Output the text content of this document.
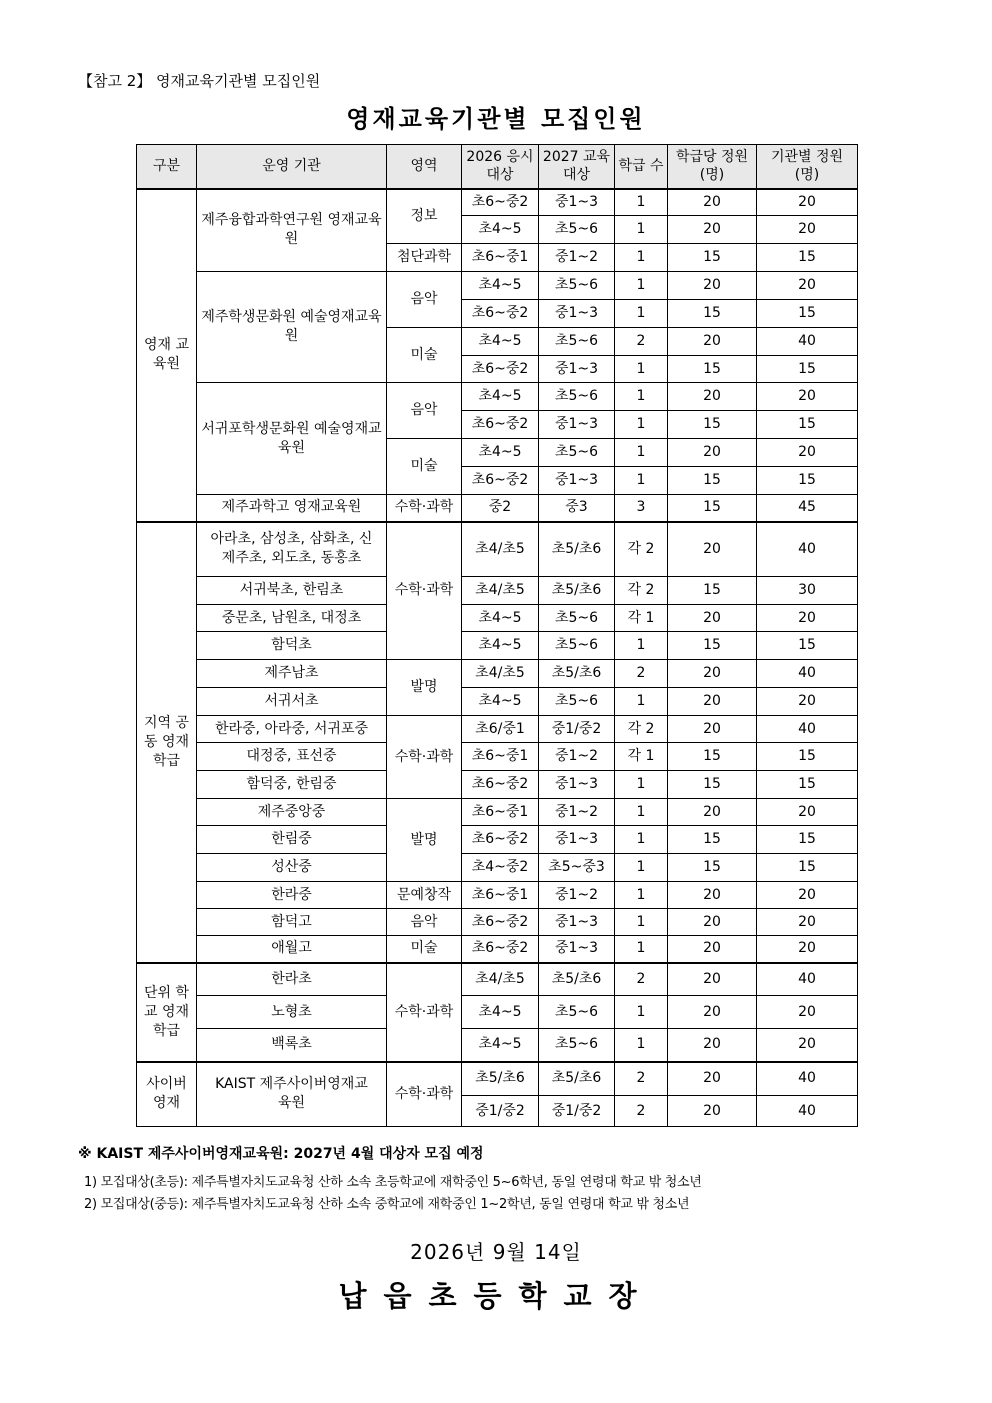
【참고 2】 영재교육기관별 모집인원
영재교육기관별 모집인원
구분	운영 기관	영역	2026 응시대상	2027 교육대상	학급 수	학급당 정원(명)	기관별 정원(명)
영재 교육원	제주융합과학연구원 영재교육원	정보	초6~중2	중1~3	1	20	20
			초4~5	초5~6	1	20	20
		첨단과학	초6~중1	중1~2	1	15	15
	제주학생문화원 예술영재교육원	음악	초4~5	초5~6	1	20	20
			초6~중2	중1~3	1	15	15
		미술	초4~5	초5~6	2	20	40
			초6~중2	중1~3	1	15	15
	서귀포학생문화원 예술영재교육원	음악	초4~5	초5~6	1	20	20
			초6~중2	중1~3	1	15	15
		미술	초4~5	초5~6	1	20	20
			초6~중2	중1~3	1	15	15
	제주과학고 영재교육원	수학·과학	중2	중3	3	15	45
지역 공동 영재 학급	아라초, 삼성초, 삼화초, 신제주초, 외도초, 동홍초	수학·과학	초4/초5	초5/초6	각 2	20	40
	서귀북초, 한림초		초4/초5	초5/초6	각 2	15	30
	중문초, 남원초, 대정초		초4~5	초5~6	각 1	20	20
	함덕초		초4~5	초5~6	1	15	15
	제주남초	발명	초4/초5	초5/초6	2	20	40
	서귀서초		초4~5	초5~6	1	20	20
	한라중, 아라중, 서귀포중	수학·과학	초6/중1	중1/중2	각 2	20	40
	대정중, 표선중		초6~중1	중1~2	각 1	15	15
	함덕중, 한림중		초6~중2	중1~3	1	15	15
	제주중앙중	발명	초6~중1	중1~2	1	20	20
	한림중		초6~중2	중1~3	1	15	15
	성산중		초4~중2	초5~중3	1	15	15
	한라중	문예창작	초6~중1	중1~2	1	20	20
	함덕고	음악	초6~중2	중1~3	1	20	20
	애월고	미술	초6~중2	중1~3	1	20	20
단위 학교 영재 학급	한라초	수학·과학	초4/초5	초5/초6	2	20	40
	노형초		초4~5	초5~6	1	20	20
	백록초		초4~5	초5~6	1	20	20
사이버 영재	KAIST 제주사이버영재교육원	수학·과학	초5/초6	초5/초6	2	20	40
			중1/중2	중1/중2	2	20	40
※ KAIST 제주사이버영재교육원: 2027년 4월 대상자 모집 예정
1) 모집대상(초등): 제주특별자치도교육청 산하 소속 초등학교에 재학중인 5~6학년, 동일 연령대 학교 밖 청소년
2) 모집대상(중등): 제주특별자치도교육청 산하 소속 중학교에 재학중인 1~2학년, 동일 연령대 학교 밖 청소년
2026년 9월 14일
납읍초등학교장
